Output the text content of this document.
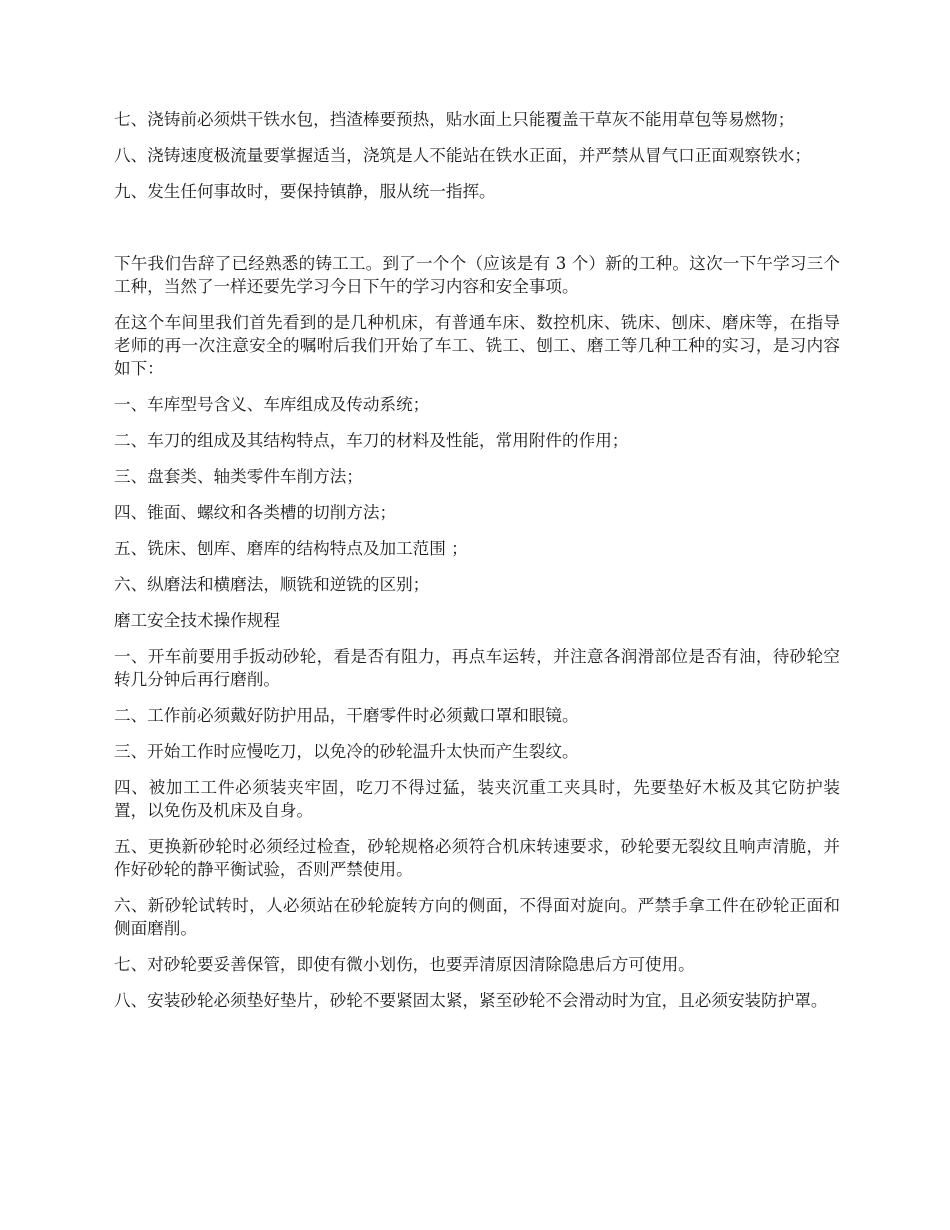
七、浇铸前必须烘干铁水包，挡渣棒要预热，贴水面上只能覆盖干草灰不能用草包等易燃物；

八、浇铸速度极流量要掌握适当，浇筑是人不能站在铁水正面，并严禁从冒气口正面观察铁水；

九、发生任何事故时，要保持镇静，服从统一指挥。

下午我们告辞了已经熟悉的铸工工。到了一个个（应该是有 3 个）新的工种。这次一下午学习三个工种，当然了一样还要先学习今日下午的学习内容和安全事项。

在这个车间里我们首先看到的是几种机床，有普通车床、数控机床、铣床、刨床、磨床等，在指导老师的再一次注意安全的嘱咐后我们开始了车工、铣工、刨工、磨工等几种工种的实习，是习内容如下：

一、车库型号含义、车库组成及传动系统；

二、车刀的组成及其结构特点，车刀的材料及性能，常用附件的作用；

三、盘套类、轴类零件车削方法；

四、锥面、螺纹和各类槽的切削方法；

五、铣床、刨库、磨库的结构特点及加工范围 ；

六、纵磨法和横磨法，顺铣和逆铣的区别；

磨工安全技术操作规程

一、开车前要用手扳动砂轮，看是否有阻力，再点车运转，并注意各润滑部位是否有油，待砂轮空转几分钟后再行磨削。

二、工作前必须戴好防护用品，干磨零件时必须戴口罩和眼镜。

三、开始工作时应慢吃刀，以免冷的砂轮温升太快而产生裂纹。

四、被加工工件必须装夹牢固，吃刀不得过猛，装夹沉重工夹具时，先要垫好木板及其它防护装置，以免伤及机床及自身。

五、更换新砂轮时必须经过检查，砂轮规格必须符合机床转速要求，砂轮要无裂纹且响声清脆，并作好砂轮的静平衡试验，否则严禁使用。

六、新砂轮试转时，人必须站在砂轮旋转方向的侧面，不得面对旋向。严禁手拿工件在砂轮正面和侧面磨削。

七、对砂轮要妥善保管，即使有微小划伤，也要弄清原因清除隐患后方可使用。

八、安装砂轮必须垫好垫片，砂轮不要紧固太紧，紧至砂轮不会滑动时为宜，且必须安装防护罩。
